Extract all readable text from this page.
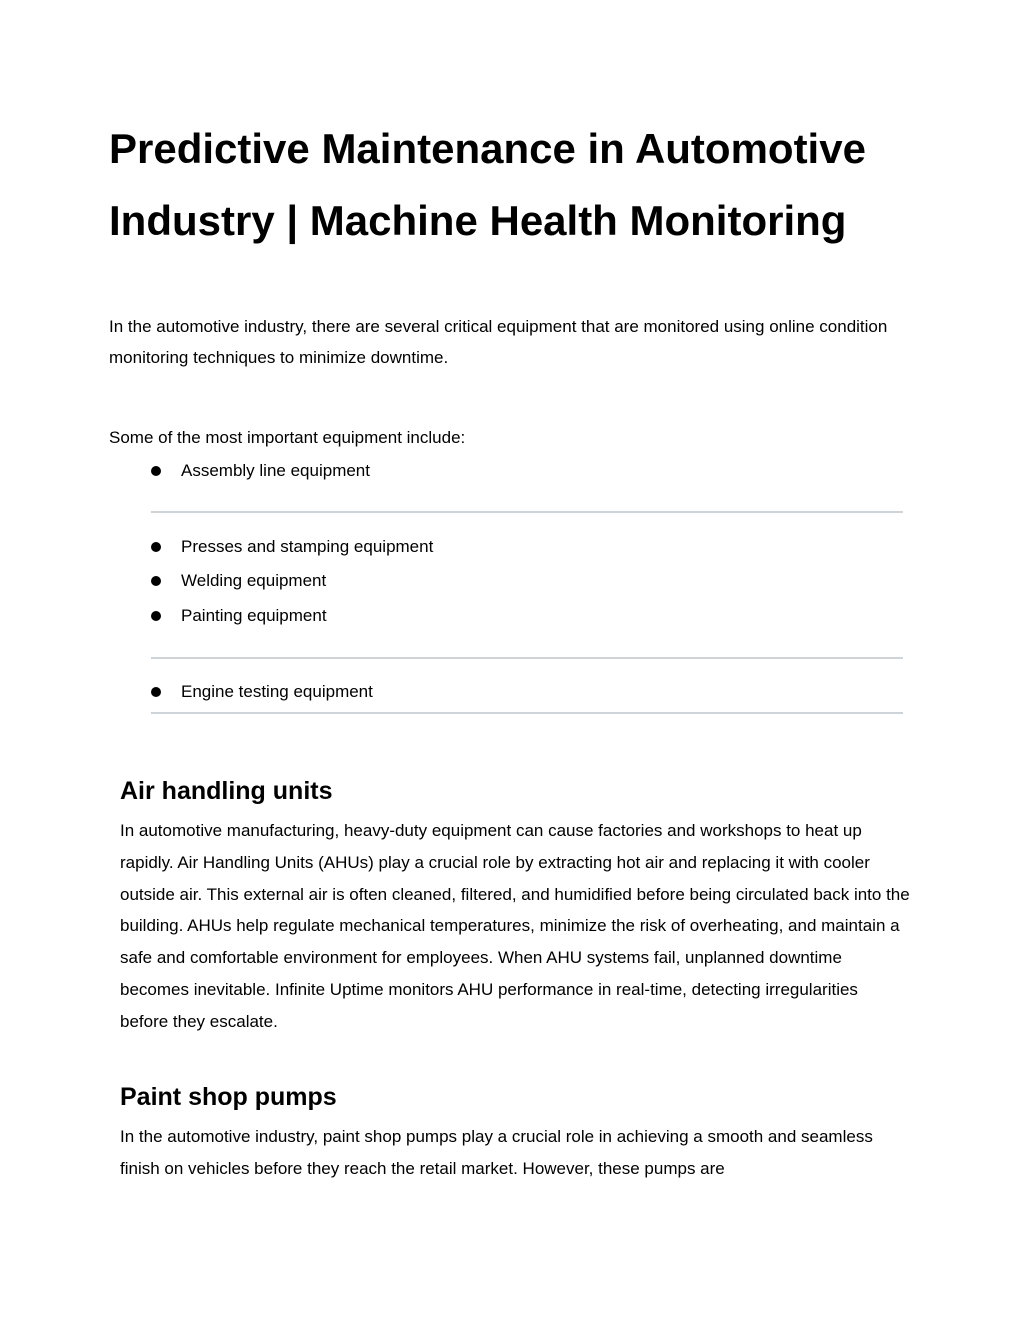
Predictive Maintenance in Automotive Industry | Machine Health Monitoring

In the automotive industry, there are several critical equipment that are monitored using online condition monitoring techniques to minimize downtime.

Some of the most important equipment include:

Assembly line equipment
Presses and stamping equipment
Welding equipment
Painting equipment
Engine testing equipment
Air handling units

In automotive manufacturing, heavy-duty equipment can cause factories and workshops to heat up rapidly. Air Handling Units (AHUs) play a crucial role by extracting hot air and replacing it with cooler outside air. This external air is often cleaned, filtered, and humidified before being circulated back into the building. AHUs help regulate mechanical temperatures, minimize the risk of overheating, and maintain a safe and comfortable environment for employees. When AHU systems fail, unplanned downtime becomes inevitable. Infinite Uptime monitors AHU performance in real-time, detecting irregularities before they escalate.

Paint shop pumps

In the automotive industry, paint shop pumps play a crucial role in achieving a smooth and seamless finish on vehicles before they reach the retail market. However, these pumps are
